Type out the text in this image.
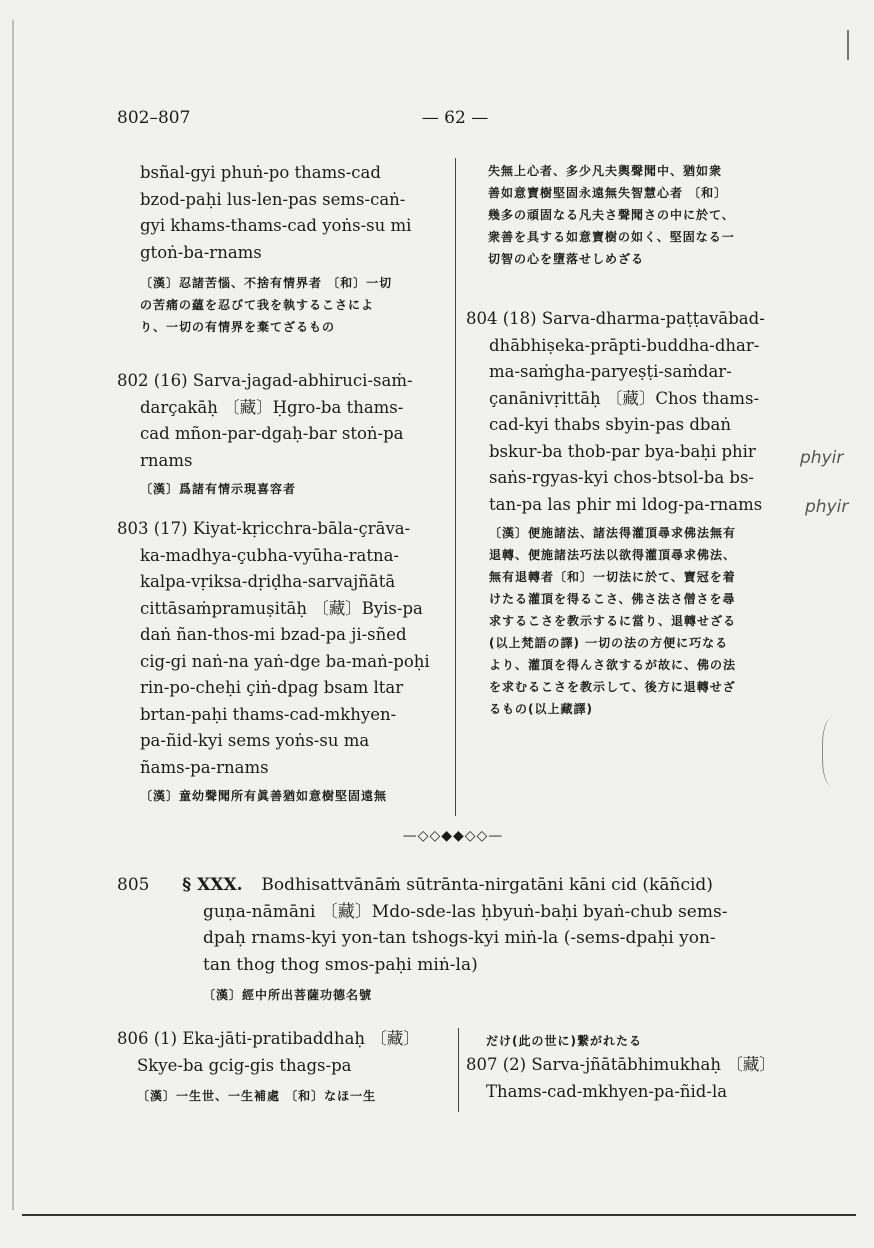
802–807	— 62 —

bsñal-gyi phuṅ-po thams-cad

bzod-paḥi lus-len-pas sems-caṅ-

gyi khams-thams-cad yoṅs-su mi

gtoṅ-ba-rnams

〔漢〕忍諸苦惱、不捨有情界者 〔和〕一切

の苦痛の蘊を忍びて我を執するこさによ

り、一切の有情界を棄てざるもの

802 (16) Sarva-jagad-abhiruci-saṁ-

darçakāḥ 〔藏〕Ḥgro-ba thams-

cad mñon-par-dgaḥ-bar stoṅ-pa

rnams

〔漢〕爲諸有情示現喜容者

803 (17) Kiyat-kṛicchra-bāla-çrāva-

ka-madhya-çubha-vyūha-ratna-

kalpa-vṛiksa-dṛiḍha-sarvajñātā

cittāsaṁpramuṣitāḥ 〔藏〕Byis-pa

daṅ ñan-thos-mi bzad-pa ji-sñed

cig-gi naṅ-na yaṅ-dge ba-maṅ-poḥi

rin-po-cheḥi çiṅ-dpag bsam ltar

brtan-paḥi thams-cad-mkhyen-

pa-ñid-kyi sems yoṅs-su ma

ñams-pa-rnams

〔漢〕童幼聲聞所有眞善猶如意樹堅固遠無

失無上心者、多少凡夫輿聲聞中、猶如衆

善如意寶樹堅固永遠無失智慧心者 〔和〕

幾多の頑固なる凡夫さ聲聞さの中に於て、

衆善を具する如意寶樹の如く、堅固なる一

切智の心を墮落せしめざる

804 (18) Sarva-dharma-paṭṭavābad-

dhābhiṣeka-prāpti-buddha-dhar-

ma-saṁgha-paryeṣṭi-saṁdar-

çanānivṛittāḥ 〔藏〕Chos thams-

cad-kyi thabs sbyin-pas dbaṅ

bskur-ba thob-par bya-baḥi phir

saṅs-rgyas-kyi chos-btsol-ba bs-

tan-pa las phir mi ldog-pa-rnams

〔漢〕便施諸法、諸法得灌頂尋求佛法無有

退轉、便施諸法巧法以欲得灌頂尋求佛法、

無有退轉者〔和〕一切法に於て、寶冠を着

けたる灌頂を得るこさ、佛さ法さ僧さを尋

求するこさを教示するに當り、退轉せざる

(以上梵語の譯) 一切の法の方便に巧なる

より、灌頂を得んさ欲するが故に、佛の法

を求むるこさを教示して、後方に退轉せざ

るもの(以上藏譯)

phyir
phyir
—◇◇◆◆◇◇—

805 § XXX. Bodhisattvānāṁ sūtrānta-nirgatāni kāni cid (kāñcid)

guṇa-nāmāni 〔藏〕Mdo-sde-las ḥbyuṅ-baḥi byaṅ-chub sems-

dpaḥ rnams-kyi yon-tan tshogs-kyi miṅ-la (-sems-dpaḥi yon-

tan thog thog smos-paḥi miṅ-la)

〔漢〕經中所出菩薩功德名號

806 (1) Eka-jāti-pratibaddhaḥ 〔藏〕

Skye-ba gcig-gis thags-pa

〔漢〕一生世、一生補處 〔和〕なほ一生

だけ(此の世に)繋がれたる

807 (2) Sarva-jñātābhimukhaḥ 〔藏〕

Thams-cad-mkhyen-pa-ñid-la
